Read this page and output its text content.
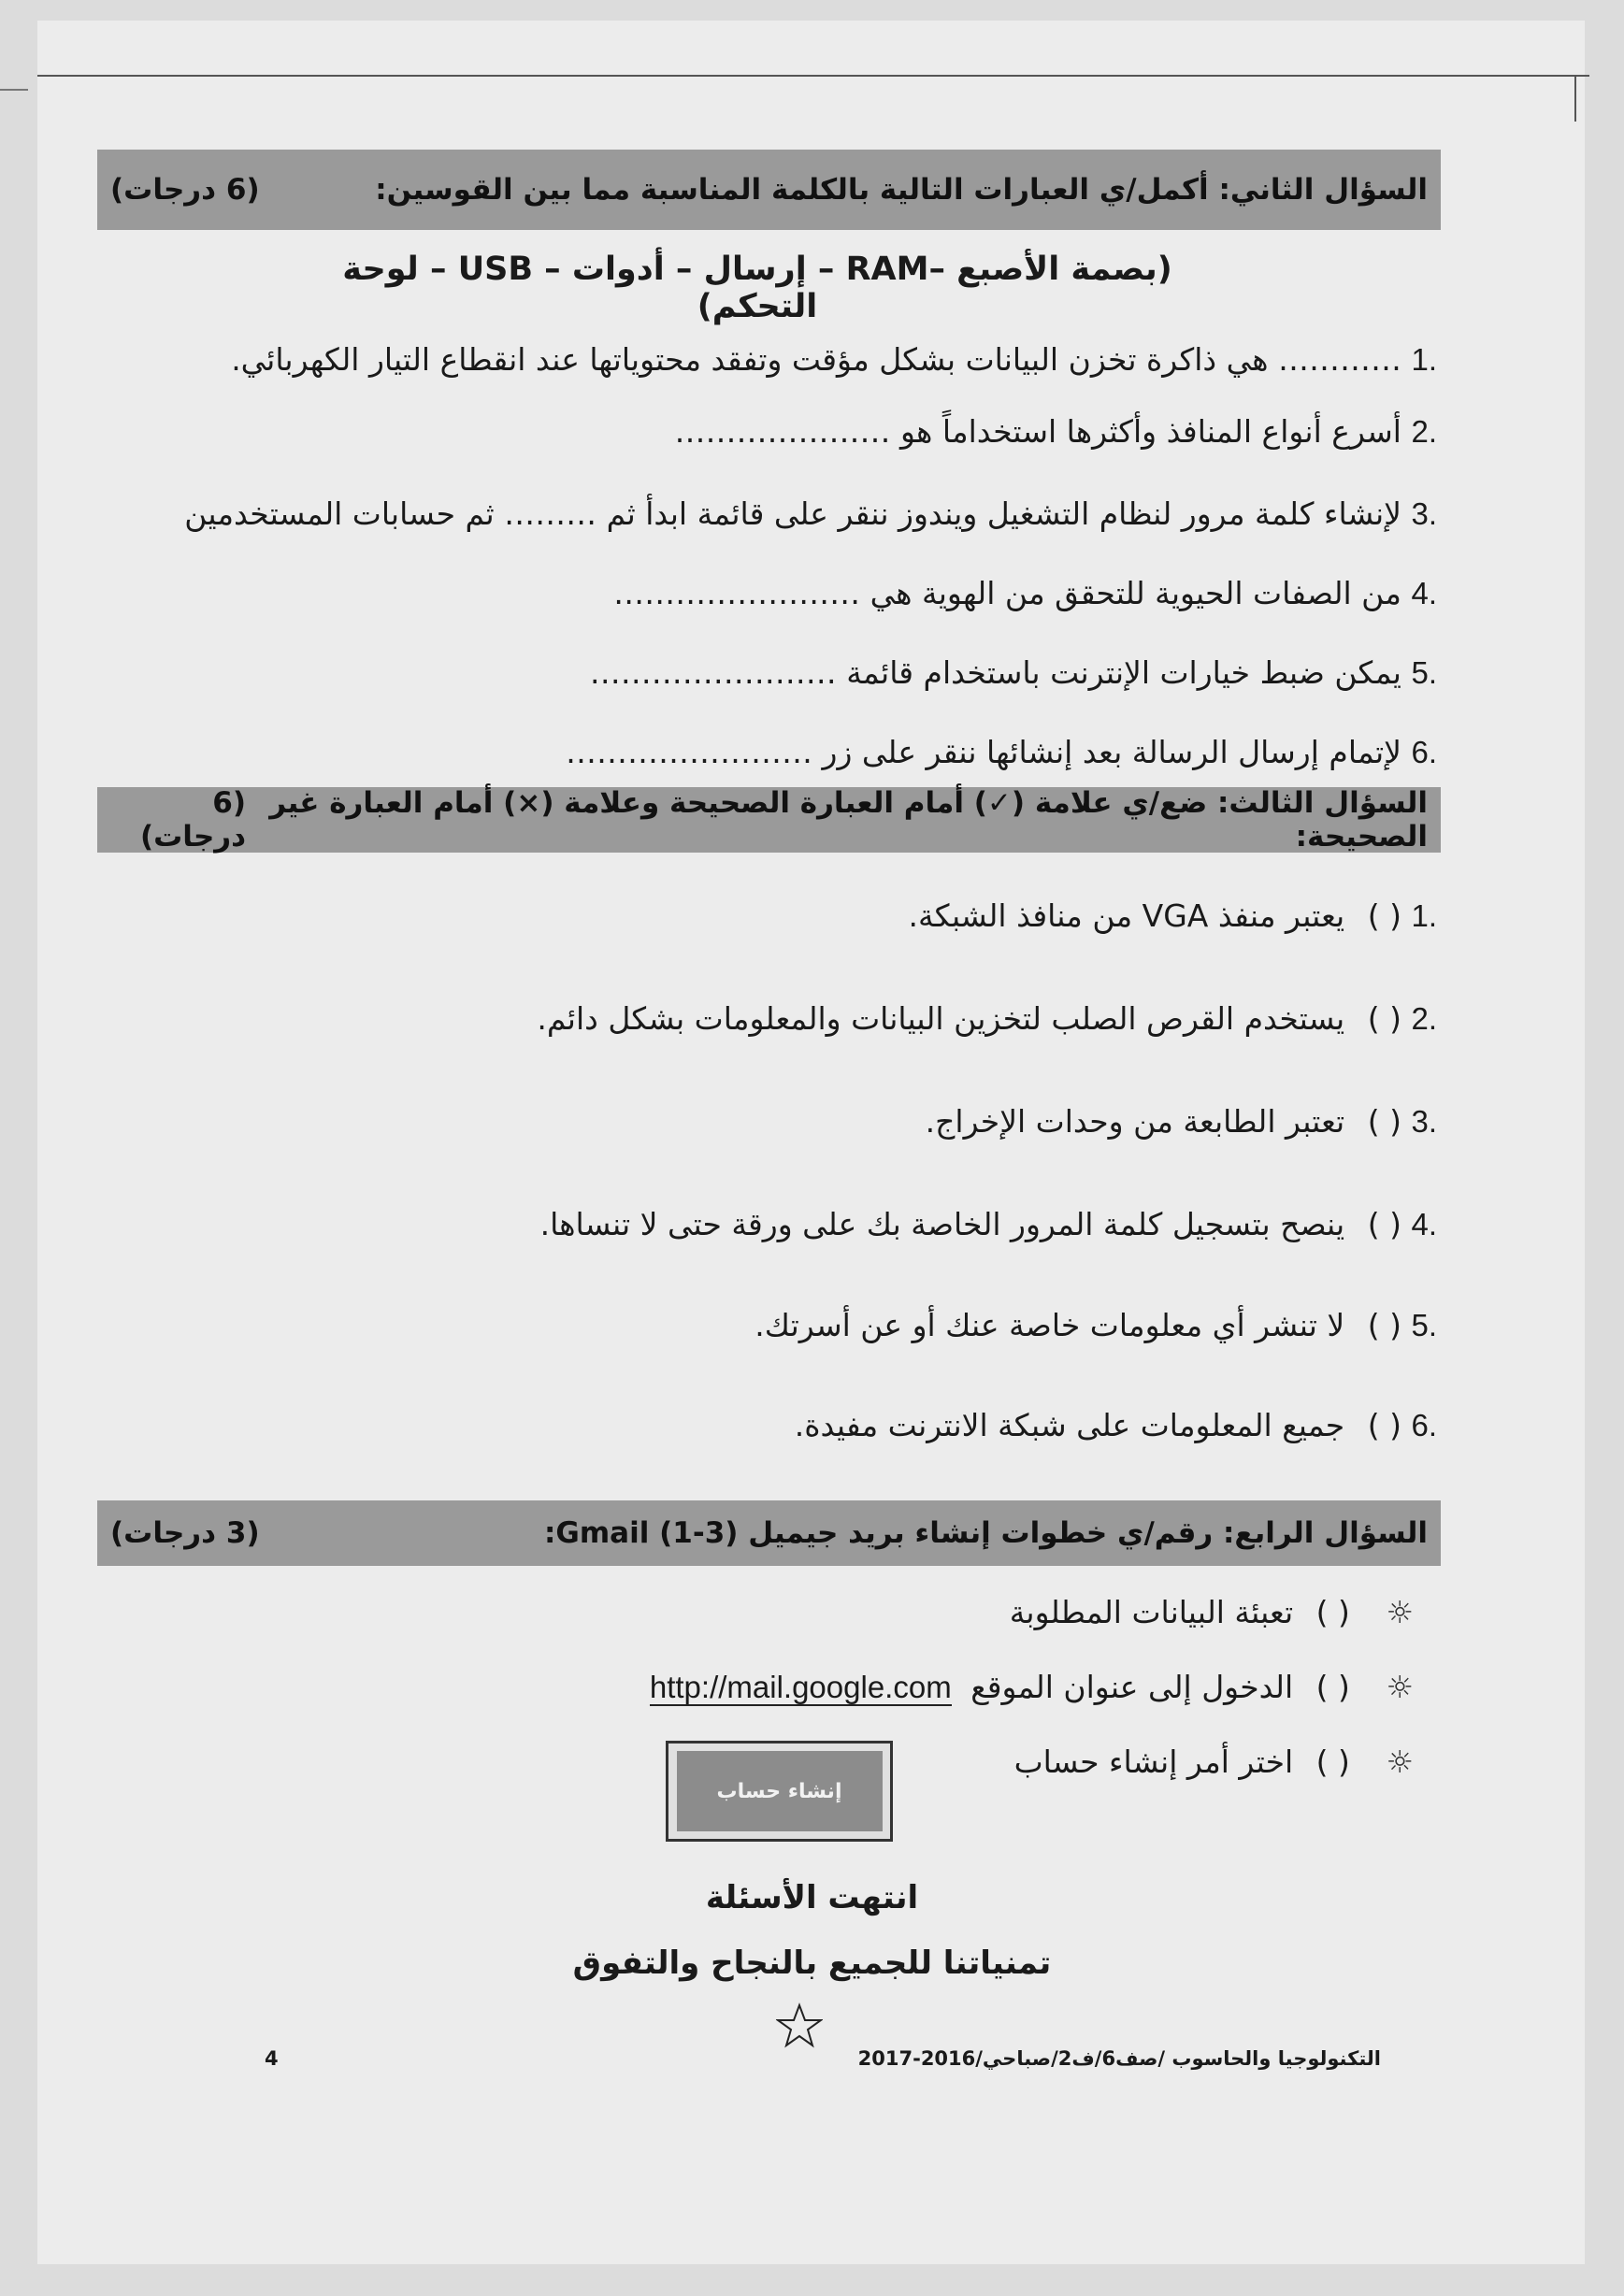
السؤال الثاني: أكمل/ي العبارات التالية بالكلمة المناسبة مما بين القوسين:
(6 درجات)
(بصمة الأصبع –RAM – إرسال – أدوات – USB – لوحة التحكم)
.1 ………… هي ذاكرة تخزن البيانات بشكل مؤقت وتفقد محتوياتها عند انقطاع التيار الكهربائي.
.2 أسرع أنواع المنافذ وأكثرها استخداماً هو …………………
.3 لإنشاء كلمة مرور لنظام التشغيل ويندوز ننقر على قائمة ابدأ ثم ……… ثم حسابات المستخدمين
.4 من الصفات الحيوية للتحقق من الهوية هي ……………………
.5 يمكن ضبط خيارات الإنترنت باستخدام قائمة ……………………
.6 لإتمام إرسال الرسالة بعد إنشائها ننقر على زر ……………………
السؤال الثالث: ضع/ي علامة (✓) أمام العبارة الصحيحة وعلامة (×) أمام العبارة غير الصحيحة:
(6 درجات)
.1 ( ) يعتبر منفذ VGA من منافذ الشبكة.
.2 ( ) يستخدم القرص الصلب لتخزين البيانات والمعلومات بشكل دائم.
.3 ( ) تعتبر الطابعة من وحدات الإخراج.
.4 ( ) ينصح بتسجيل كلمة المرور الخاصة بك على ورقة حتى لا تنساها.
.5 ( ) لا تنشر أي معلومات خاصة عنك أو عن أسرتك.
.6 ( ) جميع المعلومات على شبكة الانترنت مفيدة.
السؤال الرابع: رقم/ي خطوات إنشاء بريد جيميل Gmail (1-3):
(3 درجات)
☼ ( ) تعبئة البيانات المطلوبة
☼ ( ) الدخول إلى عنوان الموقع http://mail.google.com
☼ ( ) اختر أمر إنشاء حساب
إنشاء حساب
انتهت الأسئلة
تمنياتنا للجميع بالنجاح والتفوق
4	التكنولوجيا والحاسوب /صف6/ف2/صباحي/2016-2017
